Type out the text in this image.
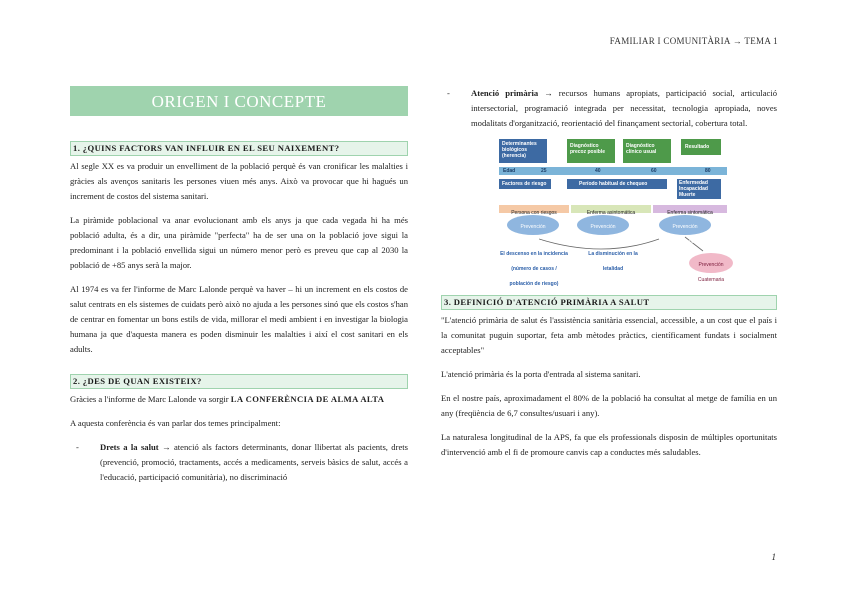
FAMILIAR I COMUNITÀRIA → TEMA 1
ORIGEN I CONCEPTE
1. ¿QUINS FACTORS VAN INFLUIR EN EL SEU NAIXEMENT?

Al segle XX es va produir un envelliment de la població perquè és van cronificar les malalties i gràcies als avenços sanitaris les persones viuen més anys. Això va provocar que hi hagués un increment de costos del sistema sanitari.

La piràmide poblacional va anar evolucionant amb els anys ja que cada vegada hi ha més població adulta, és a dir, una piràmide "perfecta" ha de ser una on la població jove sigui la predominant i la població envellida sigui un número menor però es preveu que cap al 2030 la població de +85 anys serà la major.

Al 1974 es va fer l'informe de Marc Lalonde perquè va haver – hi un increment en els costos de salut centrats en els sistemes de cuidats però això no ajuda a les persones sinó que els costos s'han de centrar en fomentar un bons estils de vida, millorar el medi ambient i en investigar la biologia humana ja que d'aquesta manera es poden disminuir les malalties i així el cost sanitari en els adults.

2. ¿DES DE QUAN EXISTEIX?

Gràcies a l'informe de Marc Lalonde va sorgir LA CONFERÈNCIA DE ALMA ALTA

A aquesta conferència és van parlar dos temes principalment:

-	Drets a la salut → atenció als factors determinants, donar llibertat als pacients, drets (prevenció, promoció, tractaments, accés a medicaments, serveis bàsics de salut, accés a l'educació, participació comunitària), no discriminació

-	Atenció primària → recursos humans apropiats, participació social, articulació intersectorial, programació integrada per necessitat, tecnologia apropiada, noves modalitats d'organització, reorientació del finançament sectorial, cobertura total.

Determinantes biológicos (herencia)
Diagnóstico precoz posible
Diagnóstico clínico usual
Resultado
Edad	25	40	60	80
Factores de riesgo	Período habitual de chequeo	Enfermedad Incapacidad Muerte
Persona con riesgos	Enferma asintomática	Enferma sintomática
Prevención Primaria
Prevención Secundaria
Prevención Terciaria
Prevención Cuaternaria
El descenso en la incidencia (número de casos / población de riesgo)
La disminución en la letalidad
3. DEFINICIÓ D'ATENCIÓ PRIMÀRIA A SALUT

"L'atenció primària de salut és l'assistència sanitària essencial, accessible, a un cost que el país i la comunitat puguin suportar, feta amb mètodes pràctics, científicament fundats i socialment acceptables"

L'atenció primària és la porta d'entrada al sistema sanitari.

En el nostre país, aproximadament el 80% de la població ha consultat al metge de família en un any (freqüència de 6,7 consultes/usuari i any).

La naturalesa longitudinal de la APS, fa que els professionals disposin de múltiples oportunitats d'intervenció amb el fi de promoure canvis cap a conductes més saludables.

1
